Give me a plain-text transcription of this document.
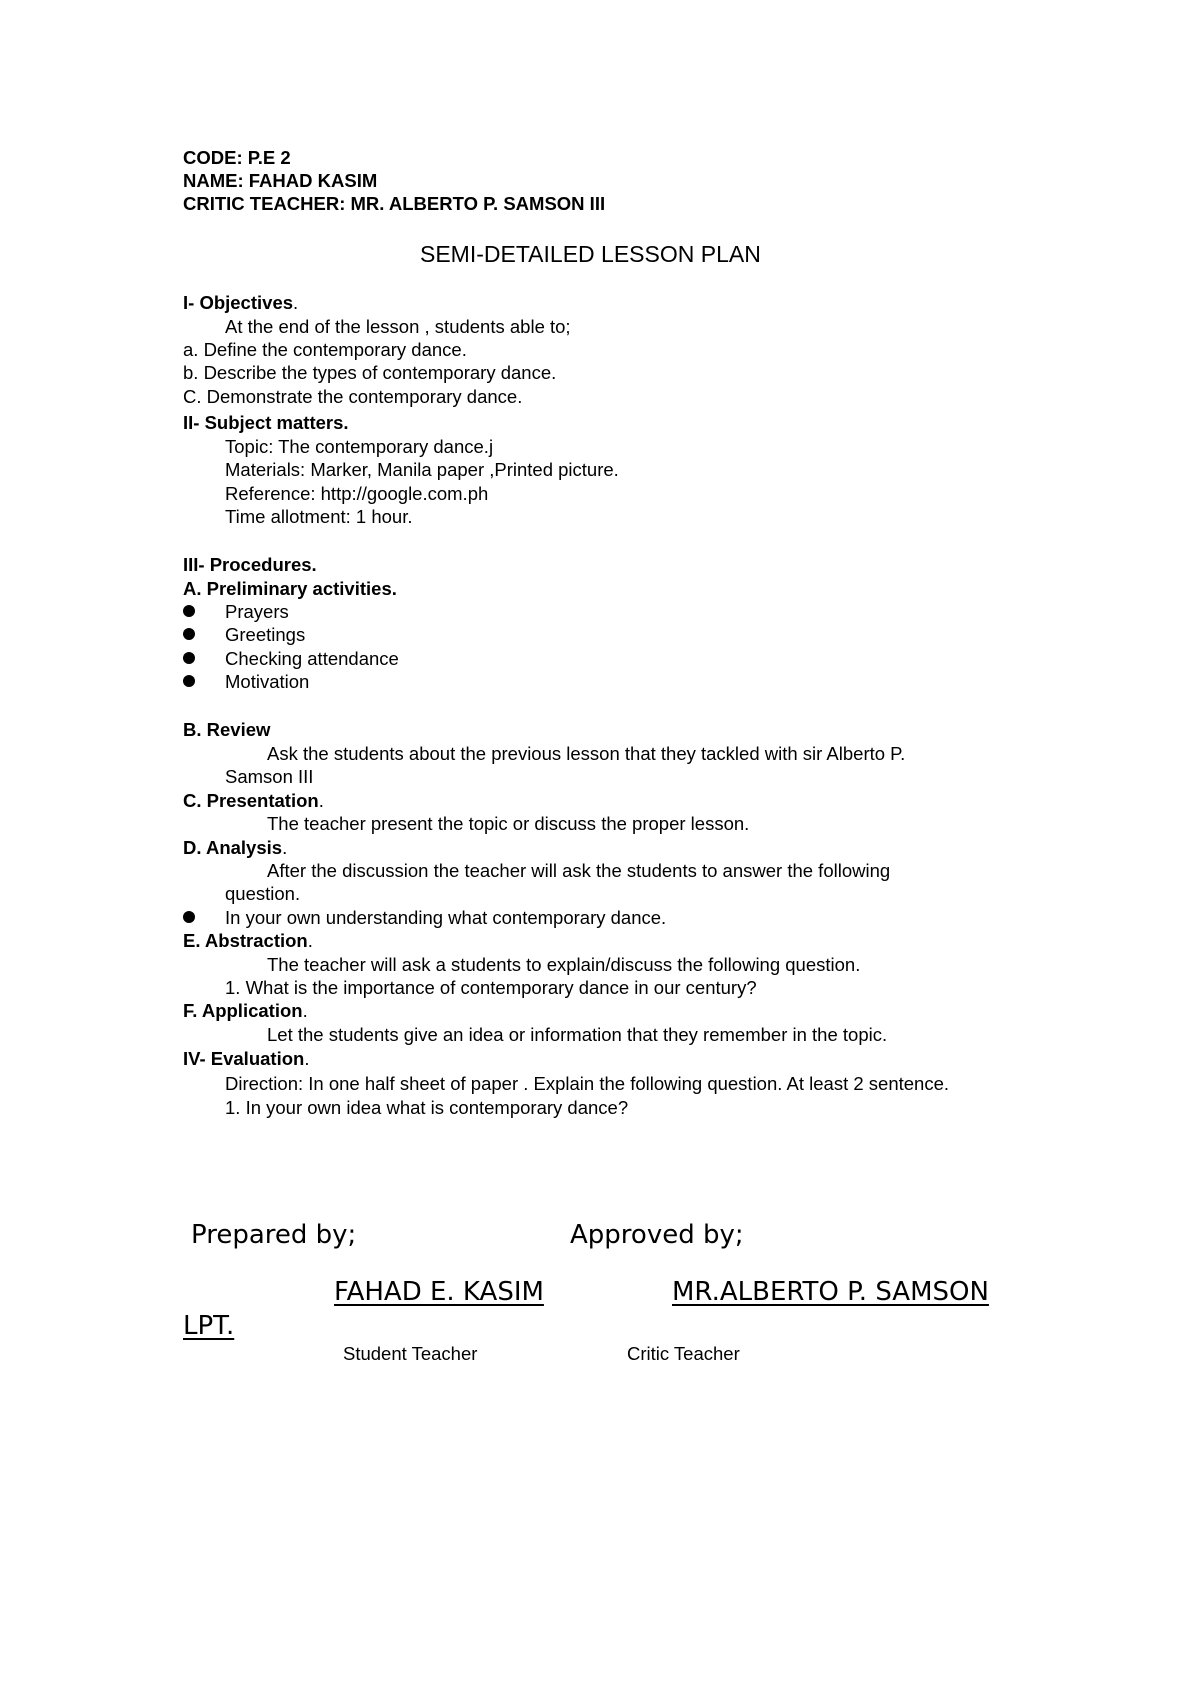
CODE: P.E 2
NAME: FAHAD KASIM
CRITIC TEACHER: MR. ALBERTO P. SAMSON III
SEMI-DETAILED LESSON PLAN
I- Objectives.
At the end of the lesson , students able to;
a. Define the contemporary dance.
b. Describe the types of contemporary dance.
C. Demonstrate the contemporary dance.
II- Subject matters.
Topic: The contemporary dance.j
Materials: Marker, Manila paper ,Printed picture.
Reference: http://google.com.ph
Time allotment: 1 hour.
III- Procedures.
A. Preliminary activities.
Prayers
Greetings
Checking attendance
Motivation
B. Review
Ask the students about the previous lesson that they tackled with sir Alberto P.
Samson III
C. Presentation.
The teacher present the topic or discuss the proper lesson.
D. Analysis.
After the discussion the teacher will ask the students to answer the following
question.
In your own understanding what contemporary dance.
E. Abstraction.
The teacher will ask a students to explain/discuss the following question.
1. What is the importance of contemporary dance in our century?
F. Application.
Let the students give an idea or information that they remember in the topic.
IV- Evaluation.
Direction: In one half sheet of paper . Explain the following question. At least 2 sentence.
1. In your own idea what is contemporary dance?
Prepared by;	Approved by;
FAHAD E. KASIM	MR.ALBERTO P. SAMSON
LPT.
Student Teacher	Critic Teacher
